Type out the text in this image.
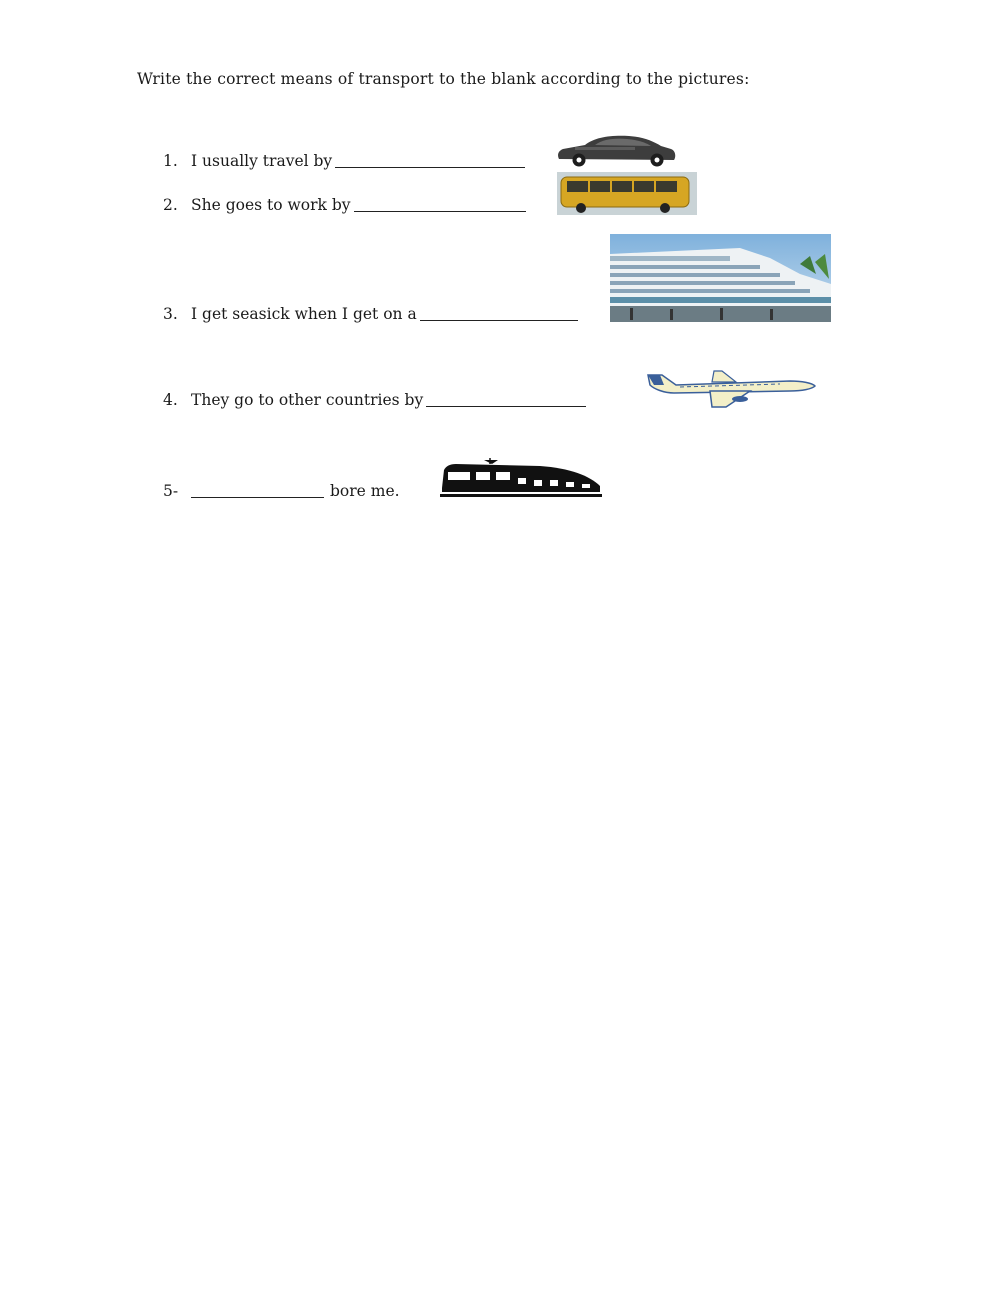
Write the correct means of transport to the blank according to the pictures:
1. I usually travel by
2. She goes to work by
3. I get seasick when I get on a
4. They go to other countries by
5-	bore me.
